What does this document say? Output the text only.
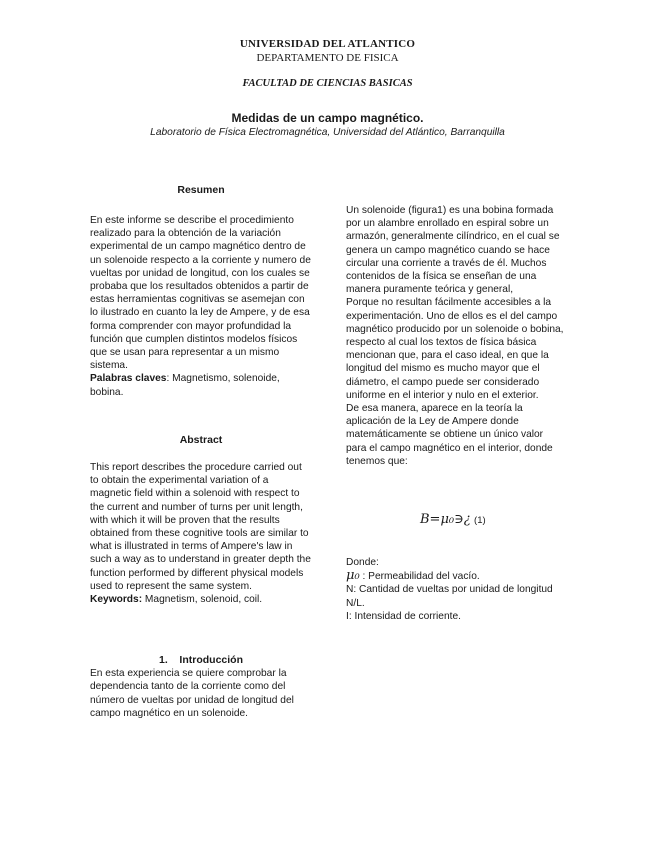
UNIVERSIDAD DEL ATLANTICO
DEPARTAMENTO DE FISICA
FACULTAD DE CIENCIAS BASICAS
Medidas de un campo magnético.
Laboratorio de Física Electromagnética, Universidad del Atlántico, Barranquilla
Resumen

En este informe se describe el procedimiento realizado para la obtención de la variación experimental de un campo magnético dentro de un solenoide respecto a la corriente y numero de vueltas por unidad de longitud, con los cuales se probaba que los resultados obtenidos a partir de estas herramientas cognitivas se asemejan con lo ilustrado en cuanto la ley de Ampere, y de esa forma comprender con mayor profundidad la función que cumplen distintos modelos físicos que se usan para representar a un mismo sistema.

Palabras claves: Magnetismo, solenoide, bobina.

Abstract

This report describes the procedure carried out to obtain the experimental variation of a magnetic field within a solenoid with respect to the current and number of turns per unit length, with which it will be proven that the results obtained from these cognitive tools are similar to what is illustrated in terms of Ampere's law in such a way as to understand in greater depth the function performed by different physical models used to represent the same system.

Keywords: Magnetism, solenoid, coil.

1.    Introducción

En esta experiencia se quiere comprobar la dependencia tanto de la corriente como del número de vueltas por unidad de longitud del campo magnético en un solenoide.

Un solenoide (figura1) es una bobina formada por un alambre enrollado en espiral sobre un armazón, generalmente cilíndrico, en el cual se genera un campo magnético cuando se hace circular una corriente a través de él. Muchos contenidos de la física se enseñan de una manera puramente teórica y general,

Porque no resultan fácilmente accesibles a la experimentación. Uno de ellos es el del campo magnético producido por un solenoide o bobina, respecto al cual los textos de física básica mencionan que, para el caso ideal, en que la longitud del mismo es mucho mayor que el diámetro, el campo puede ser considerado uniforme en el interior y nulo en el exterior.

De esa manera, aparece en la teoría la aplicación de la Ley de Ampere donde matemáticamente se obtiene un único valor para el campo magnético en el interior, donde tenemos que:

B=μ₀∋¿ (1)

Donde:

μ₀ : Permeabilidad del vacío.

N: Cantidad de vueltas por unidad de longitud N/L.

I: Intensidad de corriente.
